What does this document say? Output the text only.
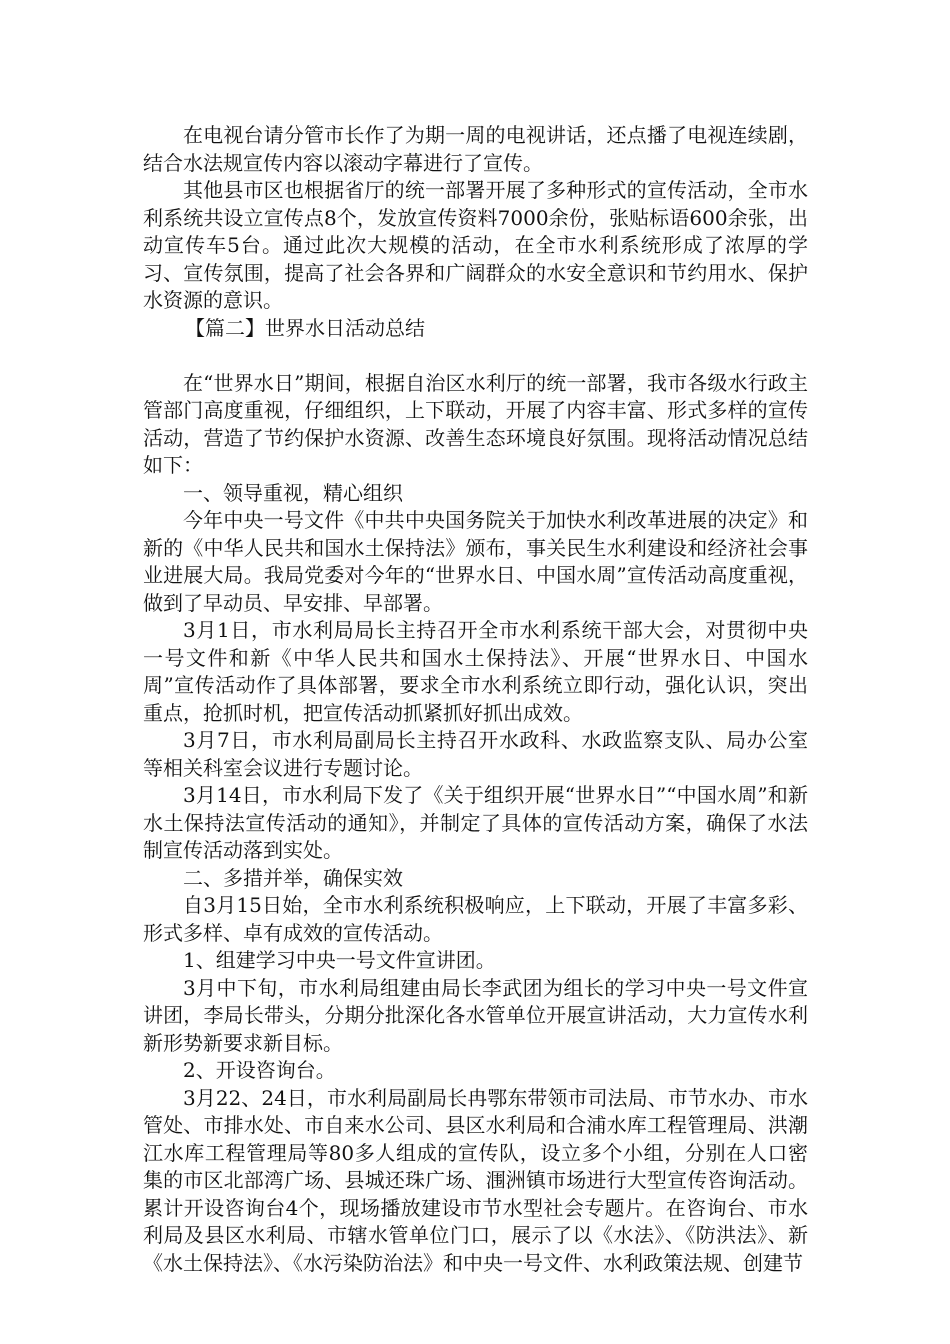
在电视台请分管市长作了为期一周的电视讲话，还点播了电视连续剧，结合水法规宣传内容以滚动字幕进行了宣传。

其他县市区也根据省厅的统一部署开展了多种形式的宣传活动，全市水利系统共设立宣传点8个，发放宣传资料7000余份，张贴标语600余张，出动宣传车5台。通过此次大规模的活动，在全市水利系统形成了浓厚的学习、宣传氛围，提高了社会各界和广阔群众的水安全意识和节约用水、保护水资源的意识。

【篇二】世界水日活动总结

在“世界水日”期间，根据自治区水利厅的统一部署，我市各级水行政主管部门高度重视，仔细组织，上下联动，开展了内容丰富、形式多样的宣传活动，营造了节约保护水资源、改善生态环境良好氛围。现将活动情况总结如下：

一、领导重视，精心组织

今年中央一号文件《中共中央国务院关于加快水利改革进展的决定》和新的《中华人民共和国水土保持法》颁布，事关民生水利建设和经济社会事业进展大局。我局党委对今年的“世界水日、中国水周”宣传活动高度重视，做到了早动员、早安排、早部署。

3月1日，市水利局局长主持召开全市水利系统干部大会，对贯彻中央一号文件和新《中华人民共和国水土保持法》、开展“世界水日、中国水周”宣传活动作了具体部署，要求全市水利系统立即行动，强化认识，突出重点，抢抓时机，把宣传活动抓紧抓好抓出成效。

3月7日，市水利局副局长主持召开水政科、水政监察支队、局办公室等相关科室会议进行专题讨论。

3月14日，市水利局下发了《关于组织开展“世界水日”“中国水周”和新水土保持法宣传活动的通知》，并制定了具体的宣传活动方案，确保了水法制宣传活动落到实处。

二、多措并举，确保实效

自3月15日始，全市水利系统积极响应，上下联动，开展了丰富多彩、形式多样、卓有成效的宣传活动。

1、组建学习中央一号文件宣讲团。

3月中下旬，市水利局组建由局长李武团为组长的学习中央一号文件宣讲团，李局长带头，分期分批深化各水管单位开展宣讲活动，大力宣传水利新形势新要求新目标。

2、开设咨询台。

3月22、24日，市水利局副局长冉鄂东带领市司法局、市节水办、市水管处、市排水处、市自来水公司、县区水利局和合浦水库工程管理局、洪潮江水库工程管理局等80多人组成的宣传队，设立多个小组，分别在人口密集的市区北部湾广场、县城还珠广场、涠洲镇市场进行大型宣传咨询活动。累计开设咨询台4个，现场播放建设市节水型社会专题片。在咨询台、市水利局及县区水利局、市辖水管单位门口，展示了以《水法》、《防洪法》、新《水土保持法》、《水污染防治法》和中央一号文件、水利政策法规、创建节
